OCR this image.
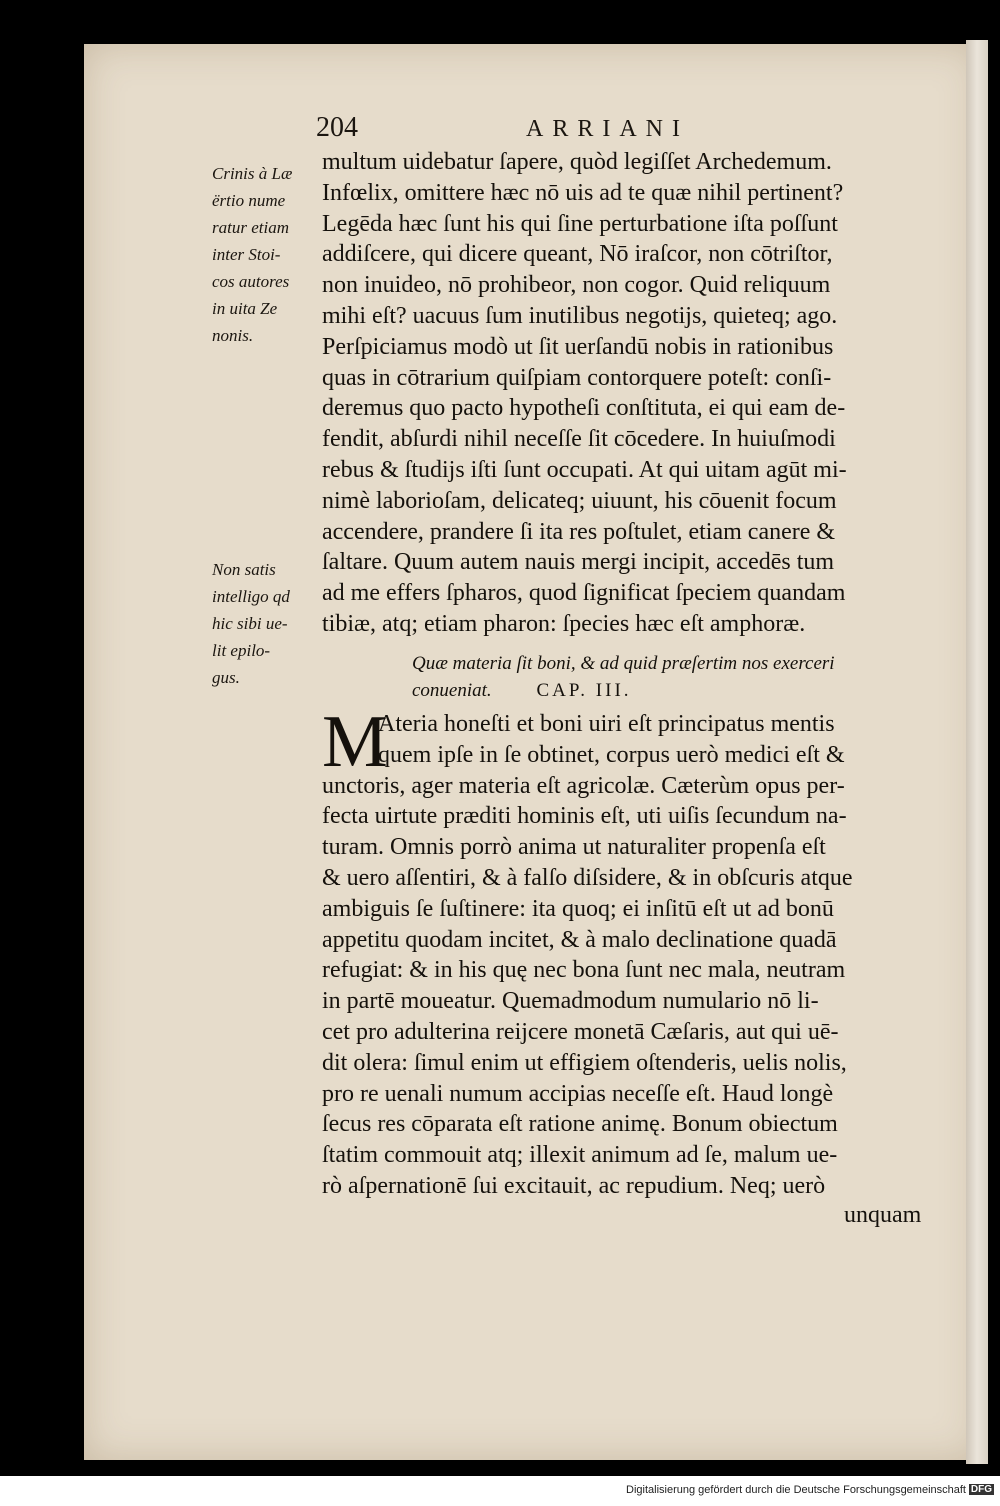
204	ARRIANI
Crinis à Læ
ërtio nume
ratur etiam
inter Stoi-
cos autores
in uita Ze
nonis.
Non satis
intelligo qd
hic sibi ue-
lit epilo-
gus.
multum uidebatur ſapere, quòd legiſſet Archedemum.
Infœlix, omittere hæc nō uis ad te quæ nihil pertinent?
Legēda hæc ſunt his qui ſine perturbatione iſta poſſunt
addiſcere, qui dicere queant, Nō iraſcor, non cōtriſtor,
non inuideo, nō prohibeor, non cogor. Quid reliquum
mihi eſt? uacuus ſum inutilibus negotijs, quieteq; ago.
Perſpiciamus modò ut ſit uerſandū nobis in rationibus
quas in cōtrarium quiſpiam contorquere poteſt: conſi-
deremus quo pacto hypotheſi conſtituta, ei qui eam de-
fendit, abſurdi nihil neceſſe ſit cōcedere. In huiuſmodi
rebus & ſtudijs iſti ſunt occupati. At qui uitam agūt mi-
nimè laborioſam, delicateq; uiuunt, his cōuenit focum
accendere, prandere ſi ita res poſtulet, etiam canere &
ſaltare. Quum autem nauis mergi incipit, accedēs tum
ad me effers ſpharos, quod ſignificat ſpeciem quandam
tibiæ, atq; etiam pharon: ſpecies hæc eſt amphoræ.
Quæ materia ſit boni, & ad quid præſertim nos exerceri
conueniat. CAP. III.
M
Ateria honeſti et boni uiri eſt principatus mentis
quem ipſe in ſe obtinet, corpus uerò medici eſt &
unctoris, ager materia eſt agricolæ. Cæterùm opus per-
fecta uirtute præditi hominis eſt, uti uiſis ſecundum na-
turam. Omnis porrò anima ut naturaliter propenſa eſt
& uero aſſentiri, & à falſo diſsidere, & in obſcuris atque
ambiguis ſe ſuſtinere: ita quoq; ei inſitū eſt ut ad bonū
appetitu quodam incitet, & à malo declinatione quadā
refugiat: & in his quę nec bona ſunt nec mala, neutram
in partē moueatur. Quemadmodum numulario nō li-
cet pro adulterina reijcere monetā Cæſaris, aut qui uē-
dit olera: ſimul enim ut effigiem oſtenderis, uelis nolis,
pro re uenali numum accipias neceſſe eſt. Haud longè
ſecus res cōparata eſt ratione animę. Bonum obiectum
ſtatim commouit atq; illexit animum ad ſe, malum ue-
rò aſpernationē ſui excitauit, ac repudium. Neq; uerò
unquam
Digitalisierung gefördert durch die Deutsche Forschungsgemeinschaft DFG
